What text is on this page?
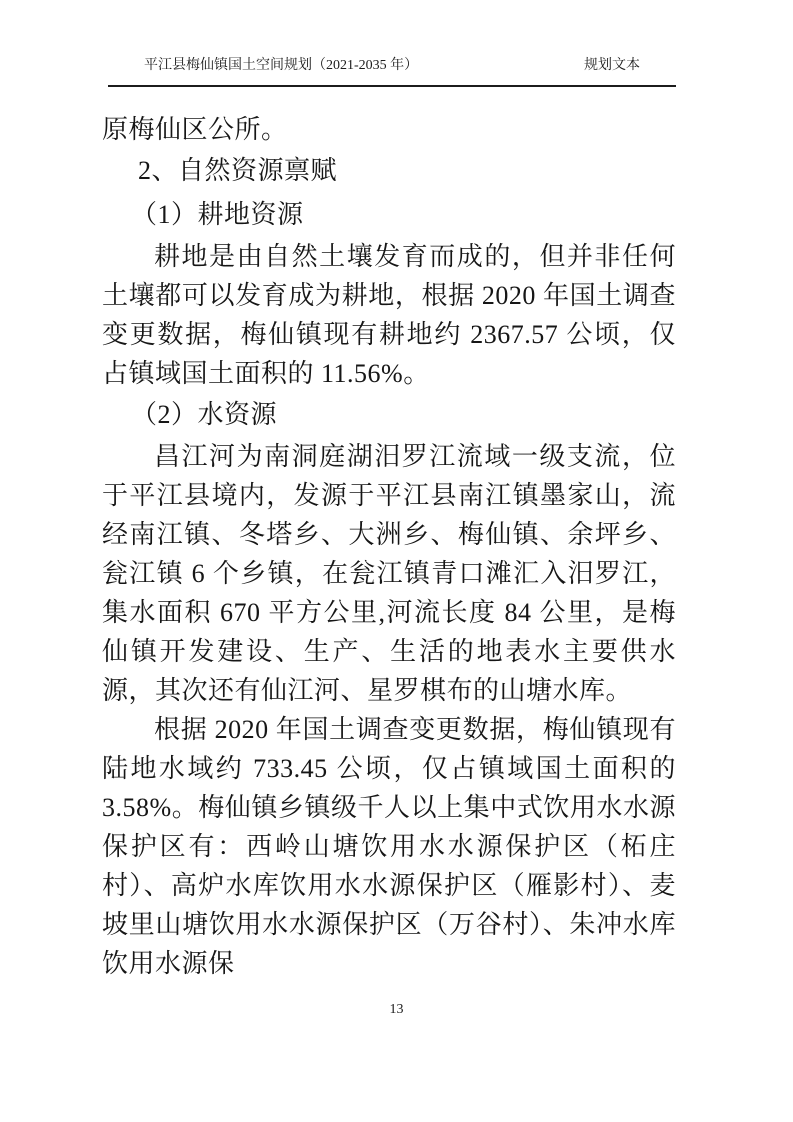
平江县梅仙镇国土空间规划（2021-2035 年）	规划文本

原梅仙区公所。

2、自然资源禀赋
（1）耕地资源

耕地是由自然土壤发育而成的，但并非任何土壤都可以发育成为耕地，根据 2020 年国土调查变更数据，梅仙镇现有耕地约 2367.57 公顷，仅占镇域国土面积的 11.56%。

（2）水资源

昌江河为南洞庭湖汨罗江流域一级支流，位于平江县境内，发源于平江县南江镇墨家山，流经南江镇、冬塔乡、大洲乡、梅仙镇、余坪乡、瓮江镇 6 个乡镇，在瓮江镇青口滩汇入汨罗江，集水面积 670 平方公里,河流长度 84 公里，是梅仙镇开发建设、生产、生活的地表水主要供水源，其次还有仙江河、星罗棋布的山塘水库。

根据 2020 年国土调查变更数据，梅仙镇现有陆地水域约 733.45 公顷，仅占镇域国土面积的 3.58%。梅仙镇乡镇级千人以上集中式饮用水水源保护区有：西岭山塘饮用水水源保护区（柘庄村）、高炉水库饮用水水源保护区（雁影村）、麦坡里山塘饮用水水源保护区（万谷村）、朱冲水库饮用水源保

13
